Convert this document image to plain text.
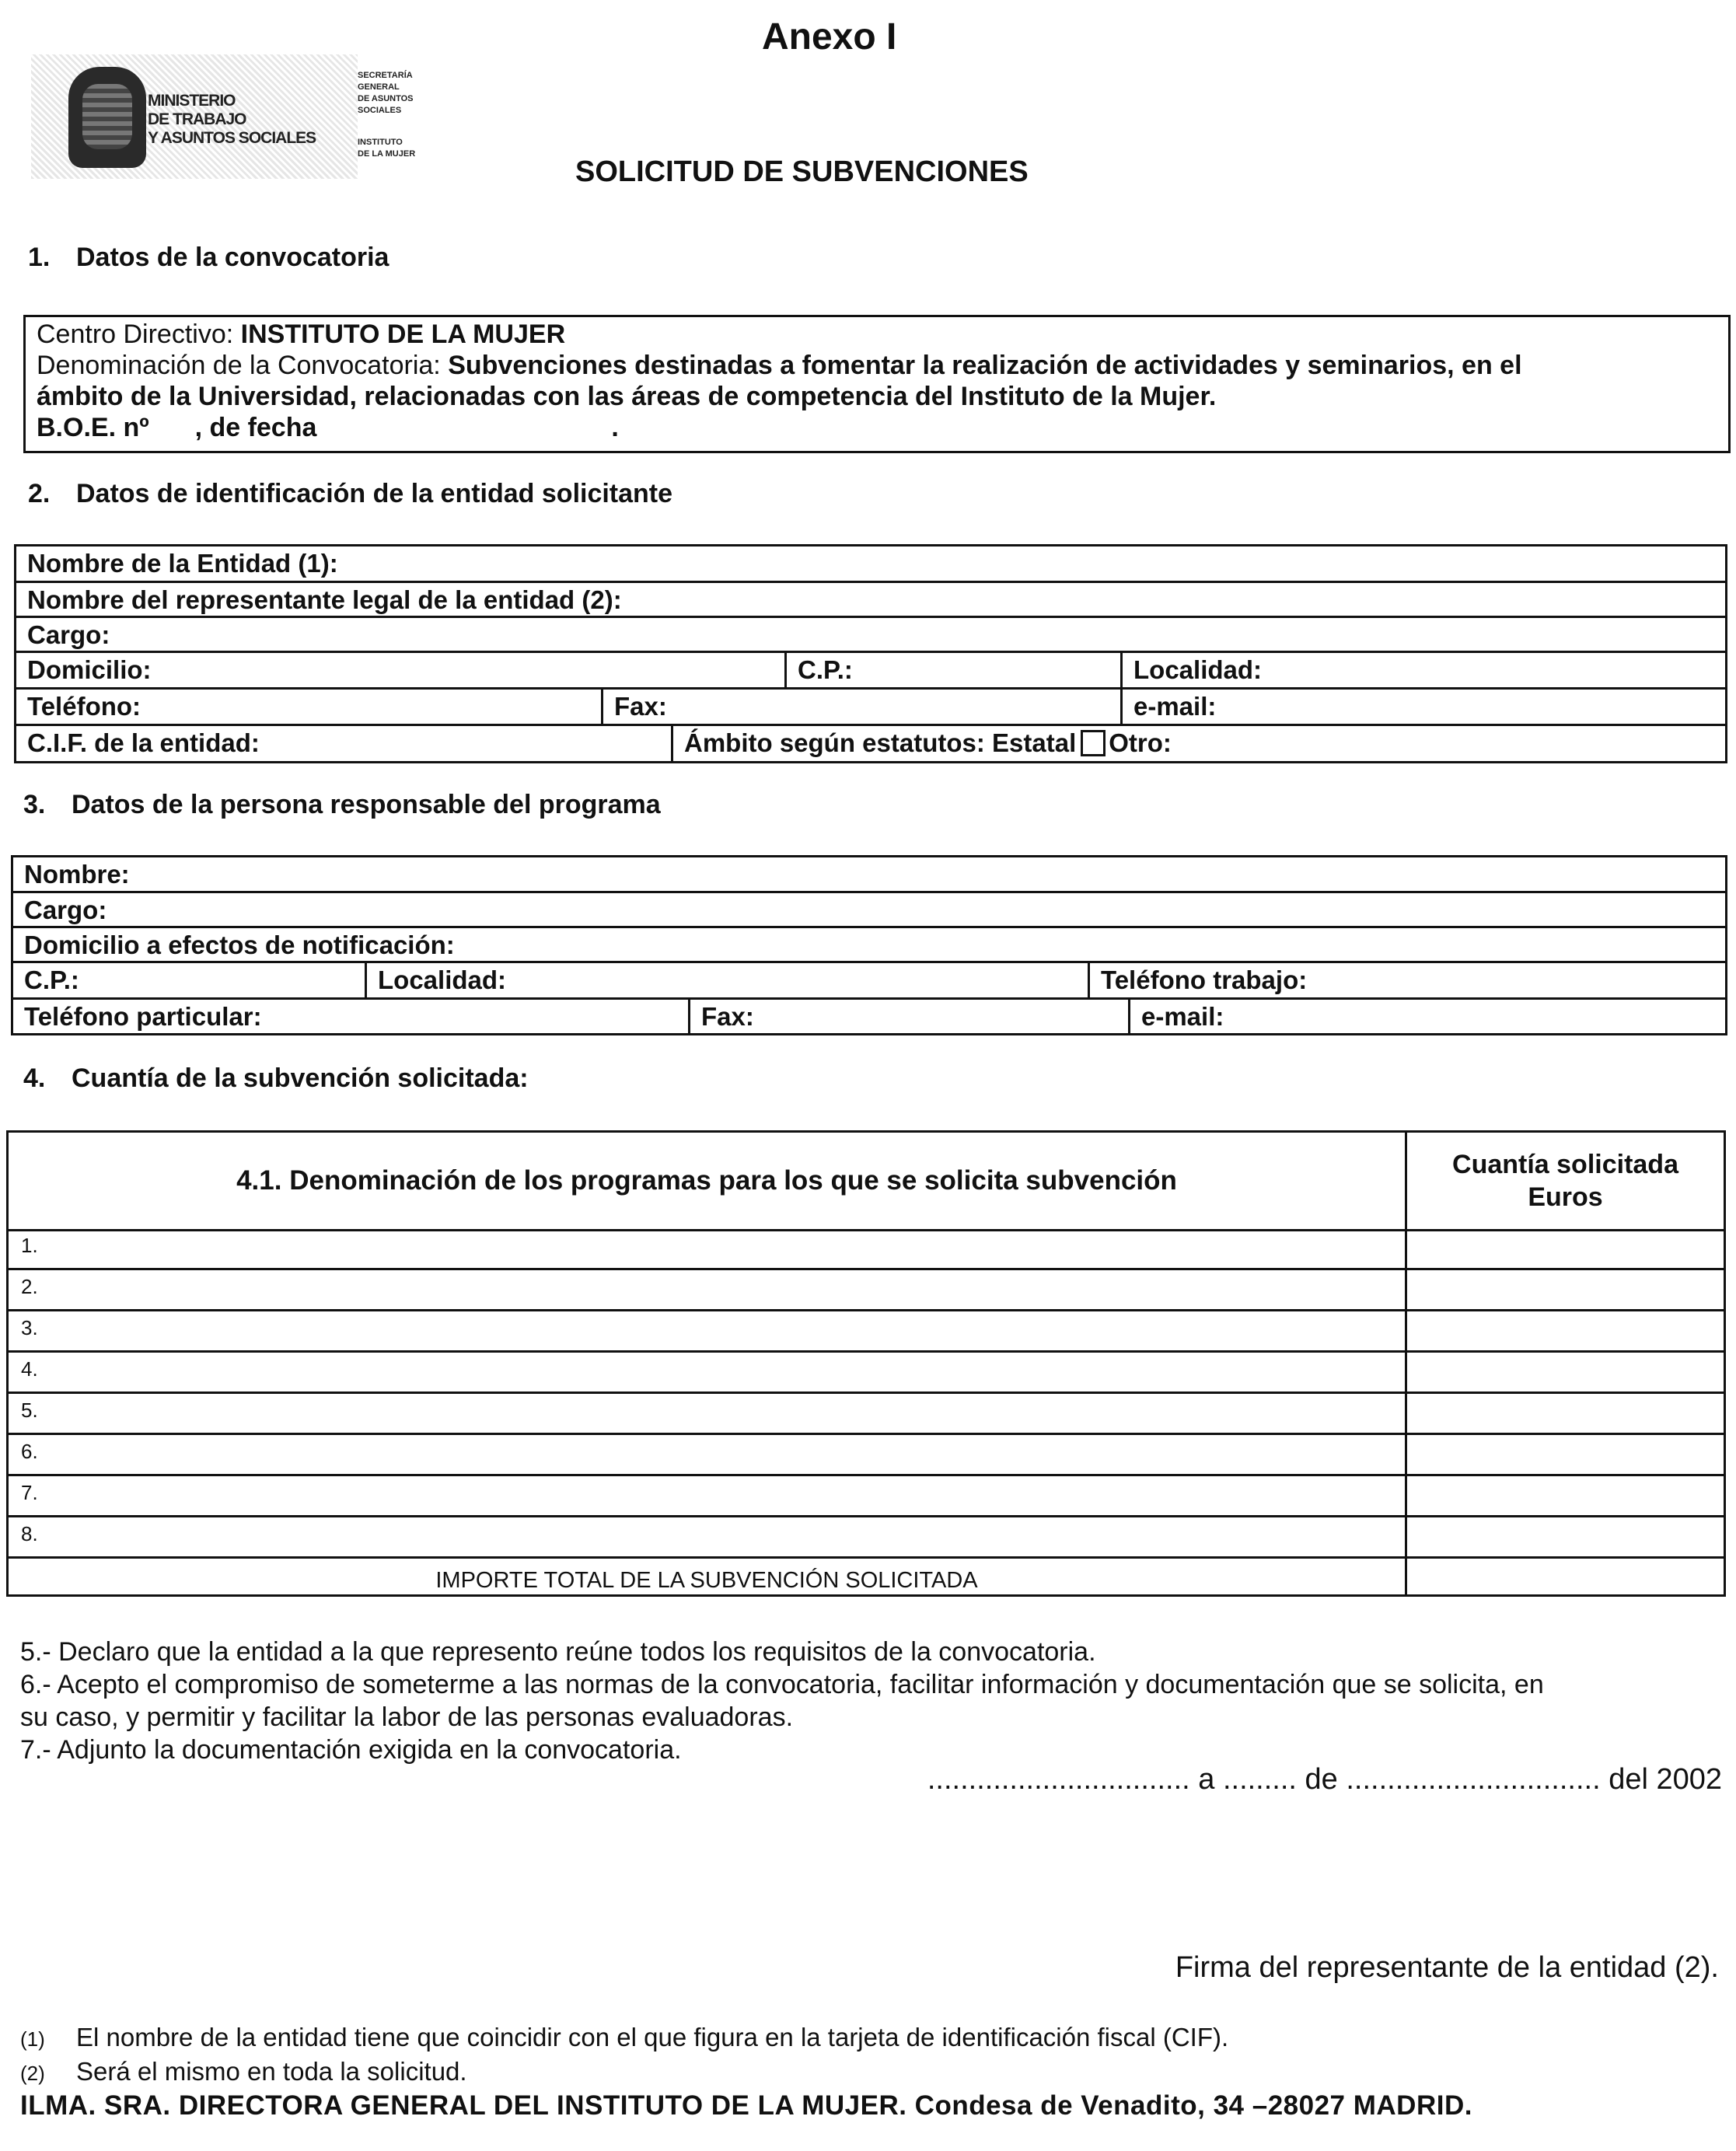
Anexo I
MINISTERIO
DE TRABAJO
Y ASUNTOS SOCIALES
SECRETARÍA
GENERAL
DE ASUNTOS
SOCIALES
INSTITUTO
DE LA MUJER
SOLICITUD DE SUBVENCIONES
1. Datos de la convocatoria
Centro Directivo: INSTITUTO DE LA MUJER
Denominación de la Convocatoria: Subvenciones destinadas a fomentar la realización de actividades y seminarios, en el
ámbito de la Universidad, relacionadas con las áreas de competencia del Instituto de la Mujer.
B.O.E. nº , de fecha	.
2. Datos de identificación de la entidad solicitante
Nombre de la Entidad (1):
Nombre del representante legal de la entidad (2):
Cargo:
Domicilio:	C.P.:	Localidad:
Teléfono:	Fax:	e-mail:
C.I.F. de la entidad:	Ámbito según estatutos: Estatal Otro:
3. Datos de la persona responsable del programa
Nombre:
Cargo:
Domicilio a efectos de notificación:
C.P.:	Localidad:	Teléfono trabajo:
Teléfono particular:	Fax:	e-mail:
4. Cuantía de la subvención solicitada:
4.1. Denominación de los programas para los que se solicita subvención
Cuantía solicitada
Euros
1.
2.
3.
4.
5.
6.
7.
8.
IMPORTE TOTAL DE LA SUBVENCIÓN SOLICITADA
5.- Declaro que la entidad a la que represento reúne todos los requisitos de la convocatoria.
6.- Acepto el compromiso de someterme a las normas de la convocatoria, facilitar información y documentación que se solicita, en
su caso, y permitir y facilitar la labor de las personas evaluadoras.
7.- Adjunto la documentación exigida en la convocatoria.
................................ a ......... de ............................... del 2002
Firma del representante de la entidad (2).
(1) El nombre de la entidad tiene que coincidir con el que figura en la tarjeta de identificación fiscal (CIF).
(2) Será el mismo en toda la solicitud.
ILMA. SRA. DIRECTORA GENERAL DEL INSTITUTO DE LA MUJER. Condesa de Venadito, 34 –28027 MADRID.
